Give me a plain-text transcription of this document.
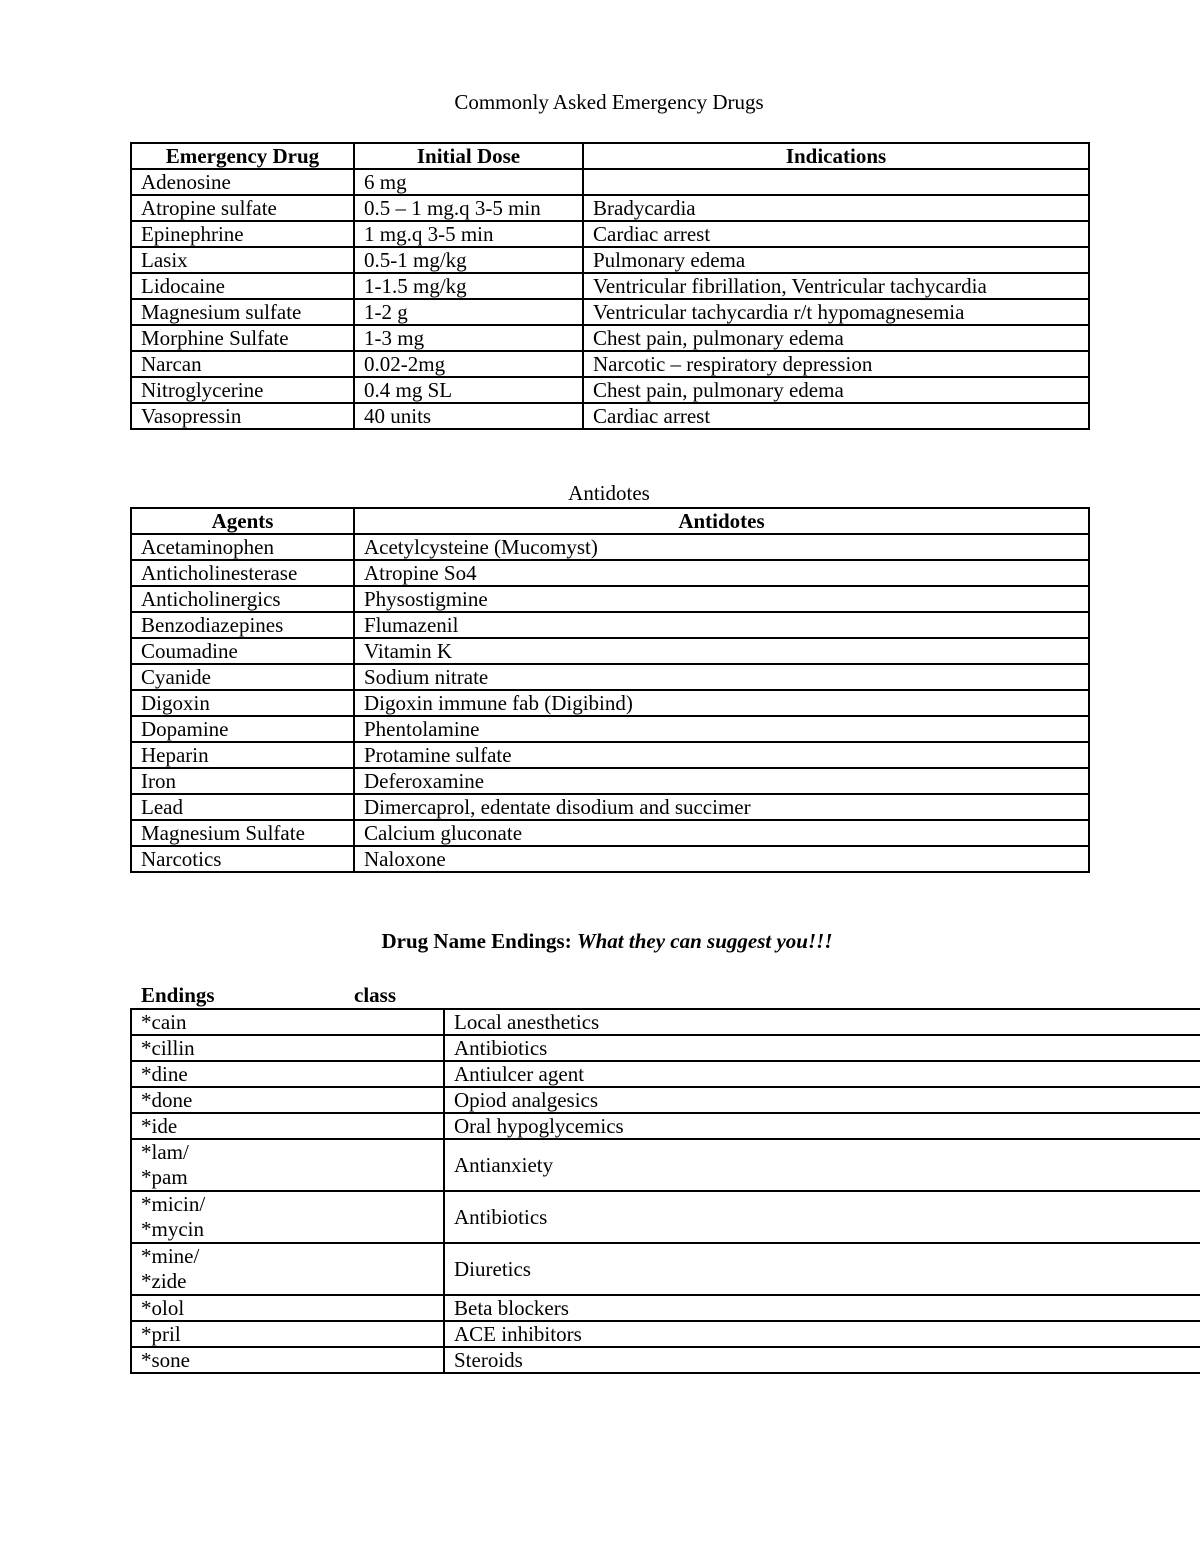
Commonly Asked Emergency Drugs
Emergency Drug	Initial Dose	Indications
Adenosine	6 mg	
Atropine sulfate	0.5 – 1 mg.q 3-5 min	Bradycardia
Epinephrine	1 mg.q 3-5 min	Cardiac arrest
Lasix	0.5-1 mg/kg	Pulmonary edema
Lidocaine	1-1.5 mg/kg	Ventricular fibrillation, Ventricular tachycardia
Magnesium sulfate	1-2 g	Ventricular tachycardia r/t hypomagnesemia
Morphine Sulfate	1-3 mg	Chest pain, pulmonary edema
Narcan	0.02-2mg	Narcotic – respiratory depression
Nitroglycerine	0.4 mg SL	Chest pain, pulmonary edema
Vasopressin	40 units	Cardiac arrest
Antidotes
Agents	Antidotes
Acetaminophen	Acetylcysteine (Mucomyst)
Anticholinesterase	Atropine So4
Anticholinergics	Physostigmine
Benzodiazepines	Flumazenil
Coumadine	Vitamin K
Cyanide	Sodium nitrate
Digoxin	Digoxin immune fab (Digibind)
Dopamine	Phentolamine
Heparin	Protamine sulfate
Iron	Deferoxamine
Lead	Dimercaprol, edentate disodium and succimer
Magnesium Sulfate	Calcium gluconate
Narcotics	Naloxone
Drug Name Endings: What they can suggest you!!!
Endings	class
*cain	Local anesthetics
*cillin	Antibiotics
*dine	Antiulcer agent
*done	Opiod analgesics
*ide	Oral hypoglycemics
*lam/
*pam	Antianxiety
*micin/
*mycin	Antibiotics
*mine/
*zide	Diuretics
*olol	Beta blockers
*pril	ACE inhibitors
*sone	Steroids
